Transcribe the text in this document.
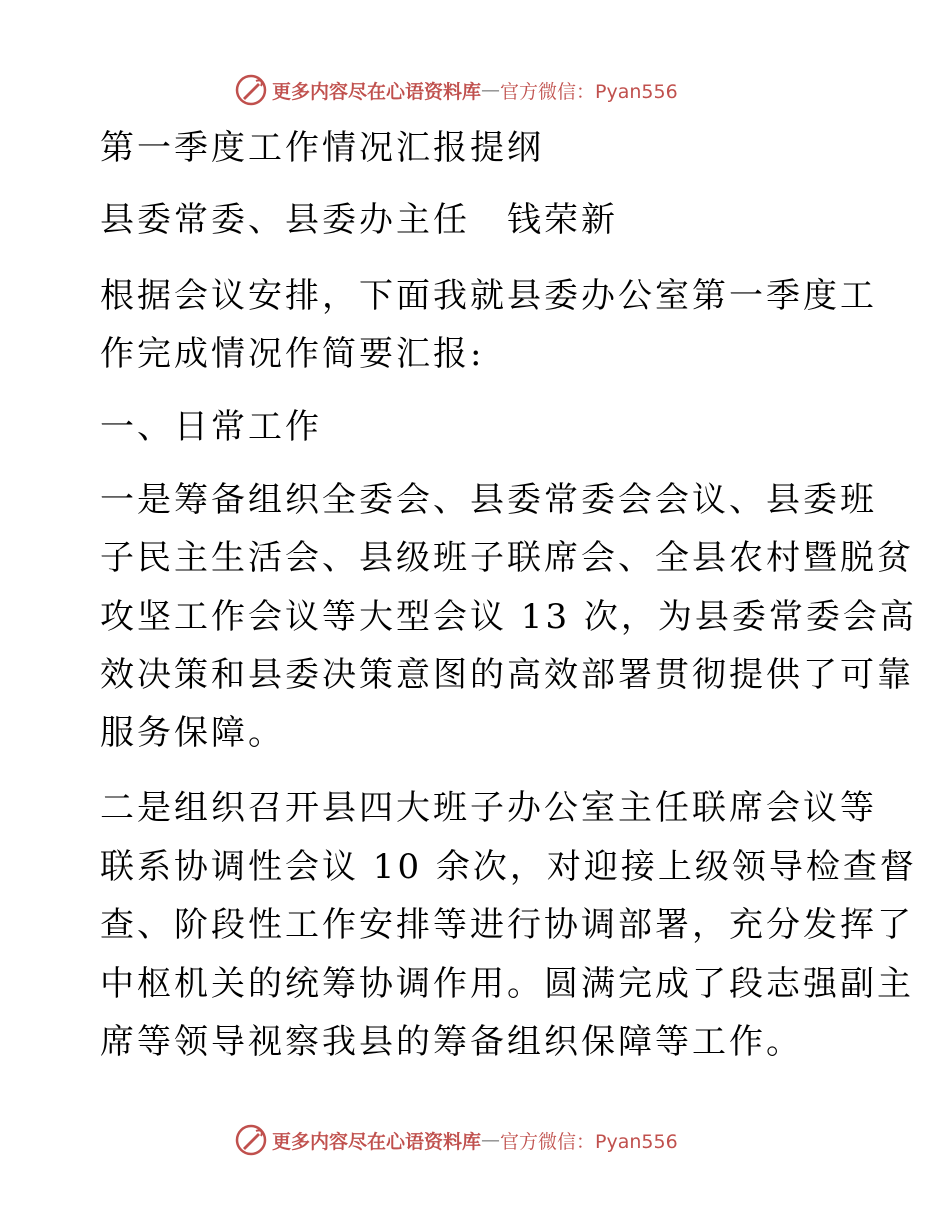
更多内容尽在心语资料库 — 官方微信：Pyan556
第一季度工作情况汇报提纲
县委常委、县委办主任　钱荣新
根据会议安排，下面我就县委办公室第一季度工
作完成情况作简要汇报:
一、日常工作
一是筹备组织全委会、县委常委会会议、县委班
子民主生活会、县级班子联席会、全县农村暨脱贫
攻坚工作会议等大型会议 13 次，为县委常委会高
效决策和县委决策意图的高效部署贯彻提供了可靠
服务保障。
二是组织召开县四大班子办公室主任联席会议等
联系协调性会议 10 余次，对迎接上级领导检查督
查、阶段性工作安排等进行协调部署，充分发挥了
中枢机关的统筹协调作用。圆满完成了段志强副主
席等领导视察我县的筹备组织保障等工作。
更多内容尽在心语资料库 — 官方微信：Pyan556
